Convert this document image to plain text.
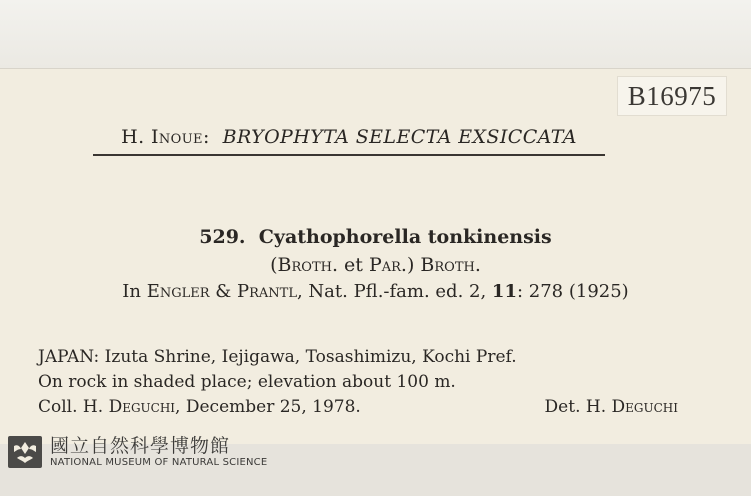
B16975
H. Inoue: BRYOPHYTA SELECTA EXSICCATA
529. Cyathophorella tonkinensis
(Broth. et Par.) Broth.
In Engler & Prantl, Nat. Pfl.-fam. ed. 2, 11: 278 (1925)
JAPAN: Izuta Shrine, Iejigawa, Tosashimizu, Kochi Pref.
On rock in shaded place; elevation about 100 m.
Coll. H. Deguchi, December 25, 1978.	Det. H. Deguchi
國立自然科學博物館
NATIONAL MUSEUM OF NATURAL SCIENCE
